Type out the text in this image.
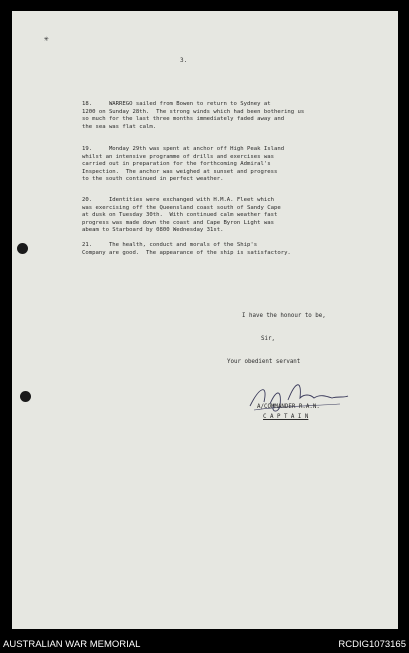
✳
3.
18.     WARREGO sailed from Bowen to return to Sydney at
1200 on Sunday 28th.  The strong winds which had been bothering us
so much for the last three months immediately faded away and
the sea was flat calm.
19.     Monday 29th was spent at anchor off High Peak Island
whilst an intensive programme of drills and exercises was
carried out in preparation for the forthcoming Admiral's
Inspection.  The anchor was weighed at sunset and progress
to the south continued in perfect weather.
20.     Identities were exchanged with H.M.A. Fleet which
was exercising off the Queensland coast south of Sandy Cape
at dusk on Tuesday 30th.  With continued calm weather fast
progress was made down the coast and Cape Byron Light was
abeam to Starboard by 0800 Wednesday 31st.
21.     The health, conduct and morals of the Ship's
Company are good.  The appearance of the ship is satisfactory.
I have the honour to be,
Sir,
Your obedient servant
A/COMMANDER R.A.N.
C A P T A I N
AUSTRALIAN WAR MEMORIAL	RCDIG1073165
